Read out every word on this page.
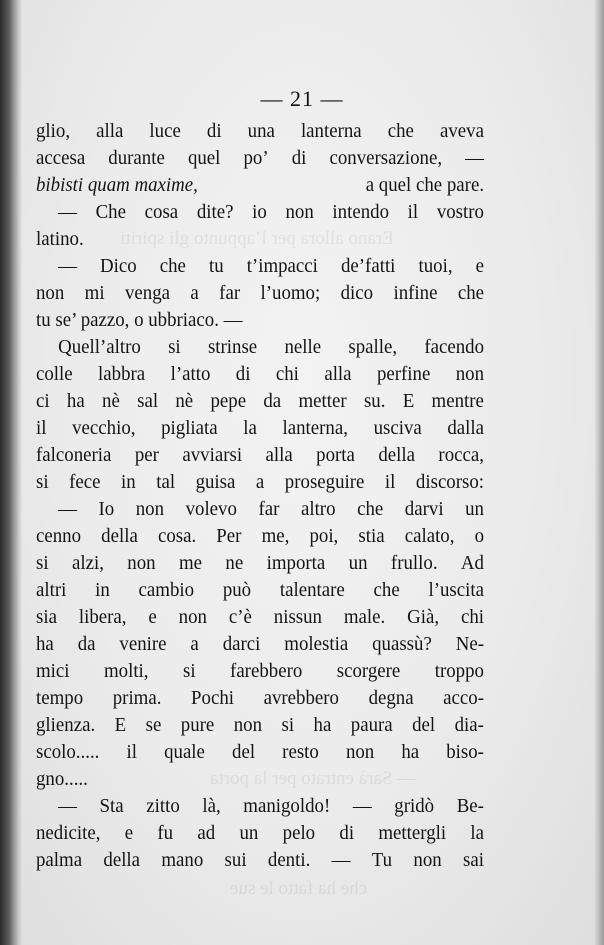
Erano allora per l’appunto gli spiriti
— Sarà entrato per la porta
che ha fatto le sue
— 21 —
glio, alla luce di una lanterna che aveva
accesa durante quel po’ di conversazione, —
bibisti quam maxime,	a quel che pare.
— Che cosa dite? io non intendo il vostro
latino.
— Dico che tu t’impacci de’fatti tuoi, e
non mi venga a far l’uomo; dico infine che
tu se’ pazzo, o ubbriaco. —
Quell’altro si strinse nelle spalle, facendo
colle labbra l’atto di chi alla perfine non
ci ha nè sal nè pepe da metter su. E mentre
il vecchio, pigliata la lanterna, usciva dalla
falconeria per avviarsi alla porta della rocca,
si fece in tal guisa a proseguire il discorso:
— Io non volevo far altro che darvi un
cenno della cosa. Per me, poi, stia calato, o
si alzi, non me ne importa un frullo. Ad
altri in cambio può talentare che l’uscita
sia libera, e non c’è nissun male. Già, chi
ha da venire a darci molestia quassù? Ne-
mici molti, si farebbero scorgere troppo
tempo prima. Pochi avrebbero degna acco-
glienza. E se pure non si ha paura del dia-
scolo..... il quale del resto non ha biso-
gno.....
— Sta zitto là, manigoldo! — gridò Be-
nedicite, e fu ad un pelo di mettergli la
palma della mano sui denti. — Tu non sai
